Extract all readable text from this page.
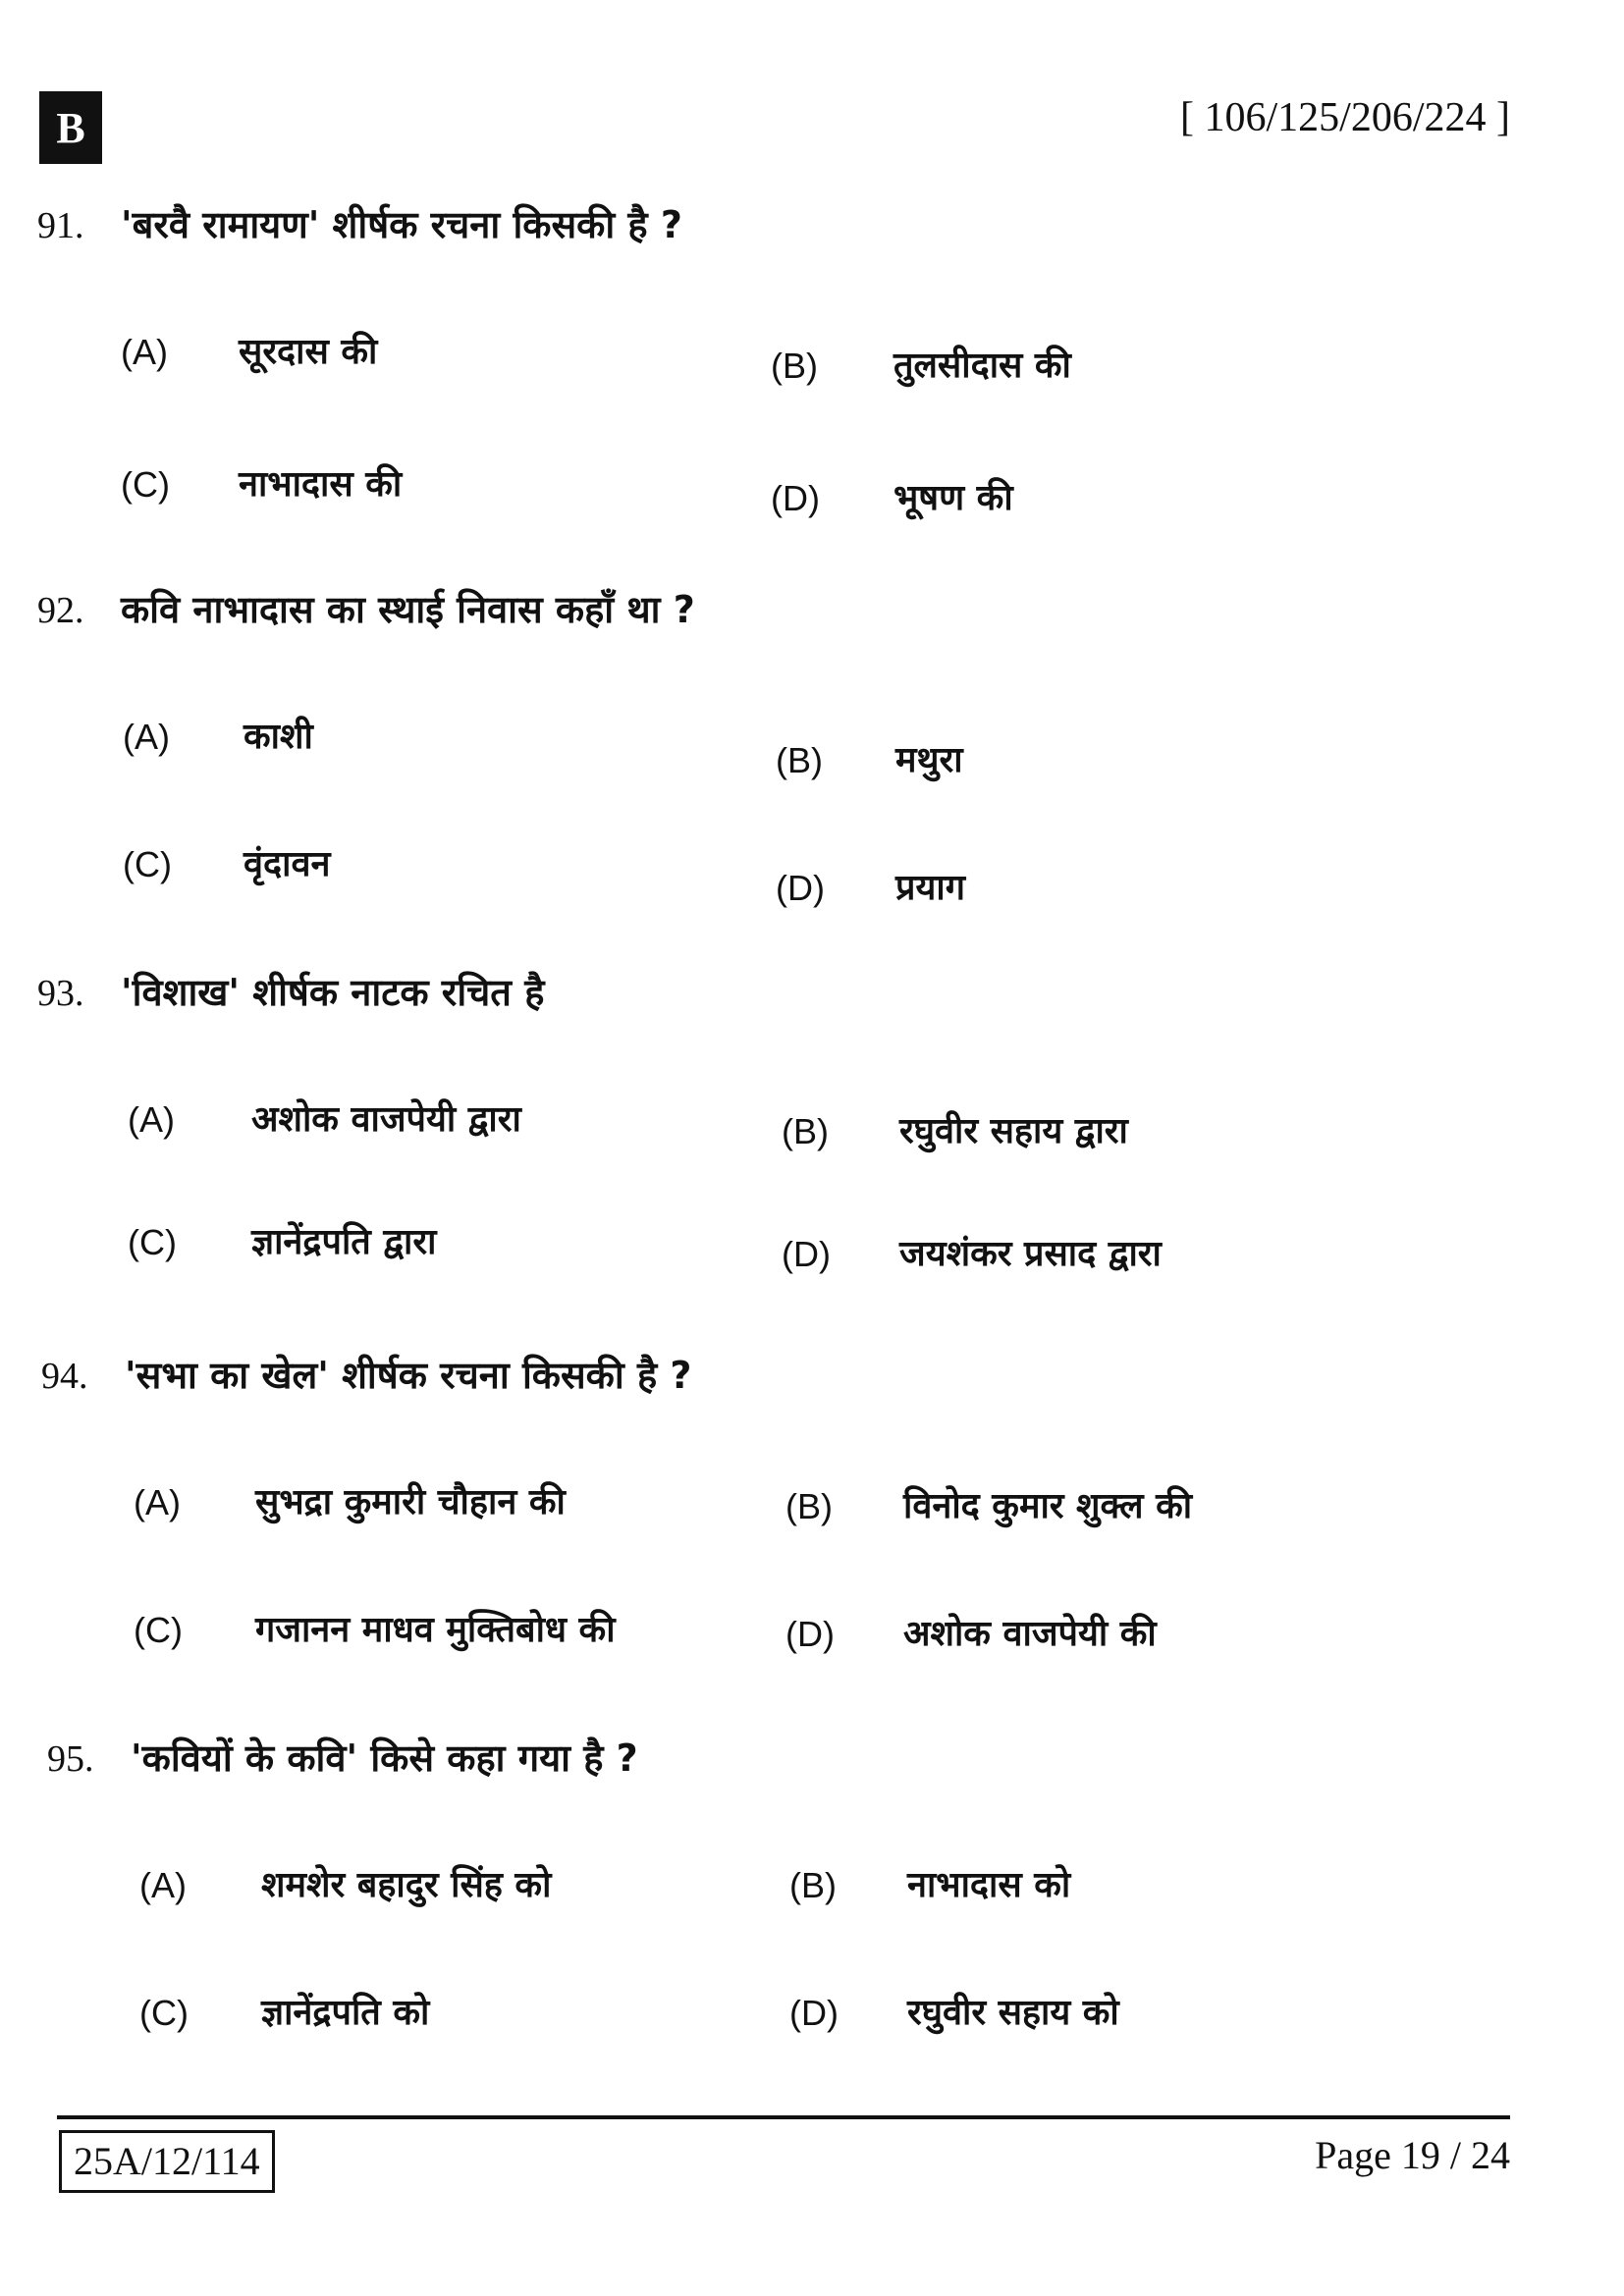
B	[ 106/125/206/224 ]
91. 'बरवै रामायण' शीर्षक रचना किसकी है ?
(A) सूरदास की	(B) तुलसीदास की
(C) नाभादास की	(D) भूषण की
92. कवि नाभादास का स्थाई निवास कहाँ था ?
(A) काशी
(B) मथुरा
(C) वृंदावन
(D) प्रयाग
93. 'विशाख' शीर्षक नाटक रचित है
(A) अशोक वाजपेयी द्वारा	(B) रघुवीर सहाय द्वारा
(C) ज्ञानेंद्रपति द्वारा	(D) जयशंकर प्रसाद द्वारा
94. 'सभा का खेल' शीर्षक रचना किसकी है ?
(A) सुभद्रा कुमारी चौहान की	(B) विनोद कुमार शुक्ल की
(C) गजानन माधव मुक्तिबोध की	(D) अशोक वाजपेयी की
95. 'कवियों के कवि' किसे कहा गया है ?
(A) शमशेर बहादुर सिंह को	(B) नाभादास को
(C) ज्ञानेंद्रपति को	(D) रघुवीर सहाय को
25A/12/114	Page 19 / 24
